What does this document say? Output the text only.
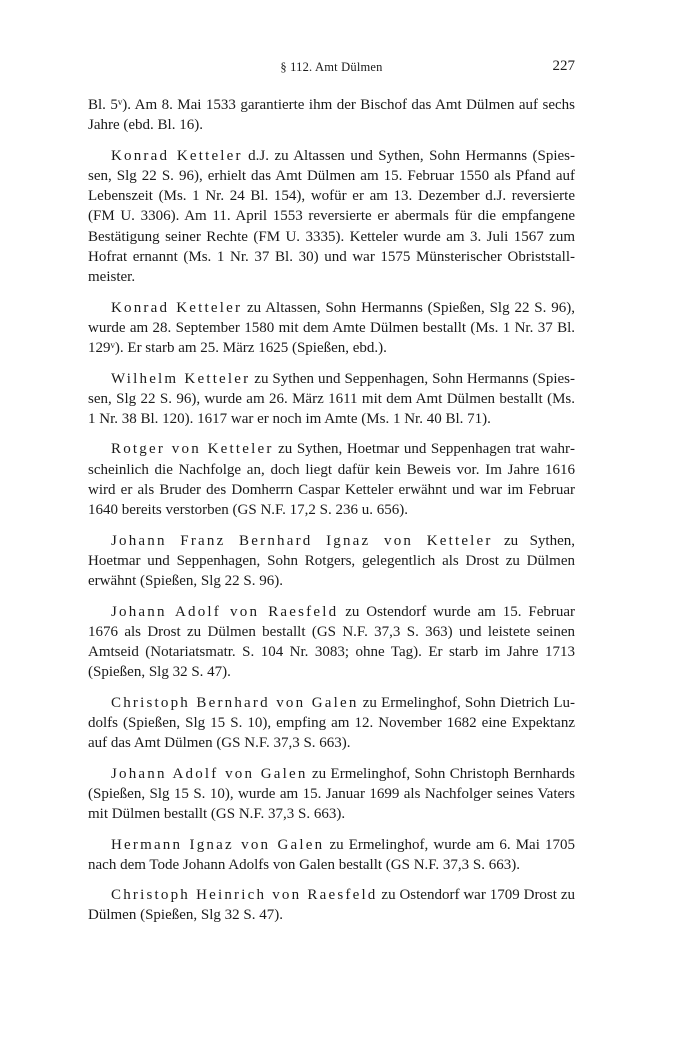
§ 112. Amt Dülmen	227

Bl. 5ᵛ). Am 8. Mai 1533 garantierte ihm der Bischof das Amt Dülmen auf sechs Jahre (ebd. Bl. 16).

Konrad Ketteler d.J. zu Altassen und Sythen, Sohn Hermanns (Spiessen, Slg 22 S. 96), erhielt das Amt Dülmen am 15. Februar 1550 als Pfand auf Lebenszeit (Ms. 1 Nr. 24 Bl. 154), wofür er am 13. Dezember d.J. reversierte (FM U. 3306). Am 11. April 1553 reversierte er abermals für die empfangene Bestätigung seiner Rechte (FM U. 3335). Ketteler wurde am 3. Juli 1567 zum Hofrat ernannt (Ms. 1 Nr. 37 Bl. 30) und war 1575 Münsterischer Obriststallmeister.

Konrad Ketteler zu Altassen, Sohn Hermanns (Spießen, Slg 22 S. 96), wurde am 28. September 1580 mit dem Amte Dülmen bestallt (Ms. 1 Nr. 37 Bl. 129ᵛ). Er starb am 25. März 1625 (Spießen, ebd.).

Wilhelm Ketteler zu Sythen und Seppenhagen, Sohn Hermanns (Spiessen, Slg 22 S. 96), wurde am 26. März 1611 mit dem Amt Dülmen bestallt (Ms. 1 Nr. 38 Bl. 120). 1617 war er noch im Amte (Ms. 1 Nr. 40 Bl. 71).

Rotger von Ketteler zu Sythen, Hoetmar und Seppenhagen trat wahrscheinlich die Nachfolge an, doch liegt dafür kein Beweis vor. Im Jahre 1616 wird er als Bruder des Domherrn Caspar Ketteler erwähnt und war im Februar 1640 bereits verstorben (GS N.F. 17,2 S. 236 u. 656).

Johann Franz Bernhard Ignaz von Ketteler zu Sythen, Hoetmar und Seppenhagen, Sohn Rotgers, gelegentlich als Drost zu Dülmen erwähnt (Spießen, Slg 22 S. 96).

Johann Adolf von Raesfeld zu Ostendorf wurde am 15. Februar 1676 als Drost zu Dülmen bestallt (GS N.F. 37,3 S. 363) und leistete seinen Amtseid (Notariatsmatr. S. 104 Nr. 3083; ohne Tag). Er starb im Jahre 1713 (Spießen, Slg 32 S. 47).

Christoph Bernhard von Galen zu Ermelinghof, Sohn Dietrich Ludolfs (Spießen, Slg 15 S. 10), empfing am 12. November 1682 eine Expektanz auf das Amt Dülmen (GS N.F. 37,3 S. 663).

Johann Adolf von Galen zu Ermelinghof, Sohn Christoph Bernhards (Spießen, Slg 15 S. 10), wurde am 15. Januar 1699 als Nachfolger seines Vaters mit Dülmen bestallt (GS N.F. 37,3 S. 663).

Hermann Ignaz von Galen zu Ermelinghof, wurde am 6. Mai 1705 nach dem Tode Johann Adolfs von Galen bestallt (GS N.F. 37,3 S. 663).

Christoph Heinrich von Raesfeld zu Ostendorf war 1709 Drost zu Dülmen (Spießen, Slg 32 S. 47).
